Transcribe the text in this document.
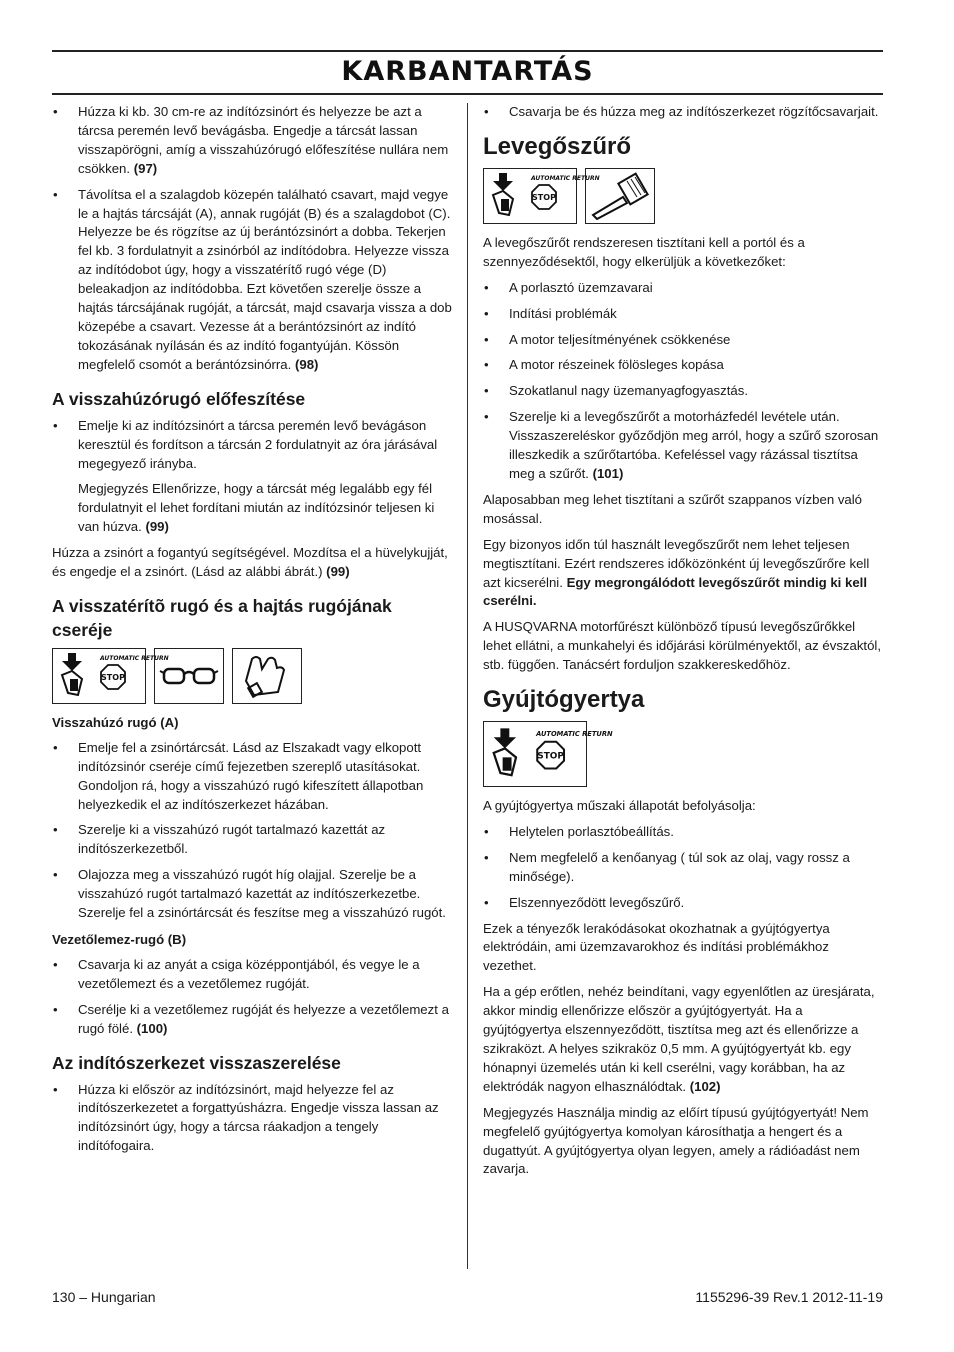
KARBANTARTÁS
• Húzza ki kb. 30 cm-re az indítózsinórt és helyezze be azt a tárcsa peremén levő bevágásba. Engedje a tárcsát lassan visszapörögni, amíg a visszahúzórugó előfeszítése nullára nem csökken. (97)
• Távolítsa el a szalagdob közepén található csavart, majd vegye le a hajtás tárcsáját (A), annak rugóját (B) és a szalagdobot (C). Helyezze be és rögzítse az új berántózsinórt a dobba. Tekerjen fel kb. 3 fordulatnyit a zsinórból az indítódobra. Helyezze vissza az indítódobot úgy, hogy a visszatérítő rugó vége (D) beleakadjon az indítódobba. Ezt követően szerelje össze a hajtás tárcsájának rugóját, a tárcsát, majd csavarja vissza a dob közepébe a csavart. Vezesse át a berántózsinórt az indító tokozásának nyílásán és az indító fogantyúján. Kössön megfelelő csomót a berántózsinórra. (98)
A visszahúzórugó előfeszítése
• Emelje ki az indítózsinórt a tárcsa peremén levő bevágáson keresztül és fordítson a tárcsán 2 fordulatnyit az óra járásával megegyező irányba.
Megjegyzés Ellenőrizze, hogy a tárcsát még legalább egy fél fordulatnyit el lehet fordítani miután az indítózsinór teljesen ki van húzva. (99)
Húzza a zsinórt a fogantyú segítségével. Mozdítsa el a hüvelykujját, és engedje el a zsinórt. (Lásd az alábbi ábrát.) (99)
A visszatérítõ rugó és a hajtás rugójának cseréje
AUTOMATIC RETURN
STOP
Visszahúzó rugó (A)
• Emelje fel a zsinórtárcsát. Lásd az Elszakadt vagy elkopott indítózsinór cseréje című fejezetben szereplő utasításokat. Gondoljon rá, hogy a visszahúzó rugó kifeszített állapotban helyezkedik el az indítószerkezet házában.
• Szerelje ki a visszahúzó rugót tartalmazó kazettát az indítószerkezetből.
• Olajozza meg a visszahúzó rugót híg olajjal. Szerelje be a visszahúzó rugót tartalmazó kazettát az indítószerkezetbe. Szerelje fel a zsinórtárcsát és feszítse meg a visszahúzó rugót.
Vezetőlemez-rugó (B)
• Csavarja ki az anyát a csiga középpontjából, és vegye le a vezetőlemezt és a vezetőlemez rugóját.
• Cserélje ki a vezetőlemez rugóját és helyezze a vezetőlemezt a rugó fölé. (100)
Az indítószerkezet visszaszerelése
• Húzza ki először az indítózsinórt, majd helyezze fel az indítószerkezetet a forgattyúsházra. Engedje vissza lassan az indítózsinórt úgy, hogy a tárcsa ráakadjon a tengely indítófogaira.
• Csavarja be és húzza meg az indítószerkezet rögzítőcsavarjait.
Levegőszűrő
AUTOMATIC RETURN
STOP
A levegőszűrőt rendszeresen tisztítani kell a portól és a szennyeződésektől, hogy elkerüljük a következőket:
• A porlasztó üzemzavarai
• Indítási problémák
• A motor teljesítményének csökkenése
• A motor részeinek fölösleges kopása
• Szokatlanul nagy üzemanyagfogyasztás.
• Szerelje ki a levegőszűrőt a motorházfedél levétele után. Visszaszereléskor győződjön meg arról, hogy a szűrő szorosan illeszkedik a szűrőtartóba. Kefeléssel vagy rázással tisztítsa meg a szűrőt. (101)
Alaposabban meg lehet tisztítani a szűrőt szappanos vízben való mosással.
Egy bizonyos időn túl használt levegőszűrőt nem lehet teljesen megtisztítani. Ezért rendszeres időközönként új levegőszűrőre kell azt kicserélni. Egy megrongálódott levegőszűrőt mindig ki kell cserélni.
A HUSQVARNA motorfűrészt különböző típusú levegőszűrőkkel lehet ellátni, a munkahelyi és időjárási körülményektől, az évszaktól, stb. függően. Tanácsért forduljon szakkereskedőhöz.
Gyújtógyertya
AUTOMATIC RETURN
STOP
A gyújtógyertya műszaki állapotát befolyásolja:
• Helytelen porlasztóbeállítás.
• Nem megfelelő a kenőanyag ( túl sok az olaj, vagy rossz a minősége).
• Elszennyeződött levegőszűrő.
Ezek a tényezők lerakódásokat okozhatnak a gyújtógyertya elektródáin, ami üzemzavarokhoz és indítási problémákhoz vezethet.
Ha a gép erőtlen, nehéz beindítani, vagy egyenlőtlen az üresjárata, akkor mindig ellenőrizze először a gyújtógyertyát. Ha a gyújtógyertya elszennyeződött, tisztítsa meg azt és ellenőrizze a szikraközt. A helyes szikraköz 0,5 mm. A gyújtógyertyát kb. egy hónapnyi üzemelés után ki kell cserélni, vagy korábban, ha az elektródák nagyon elhasználódtak. (102)
Megjegyzés Használja mindig az előírt típusú gyújtógyertyát! Nem megfelelő gyújtógyertya komolyan károsíthatja a hengert és a dugattyút. A gyújtógyertya olyan legyen, amely a rádióadást nem zavarja.
130 – Hungarian	1155296-39 Rev.1 2012-11-19
